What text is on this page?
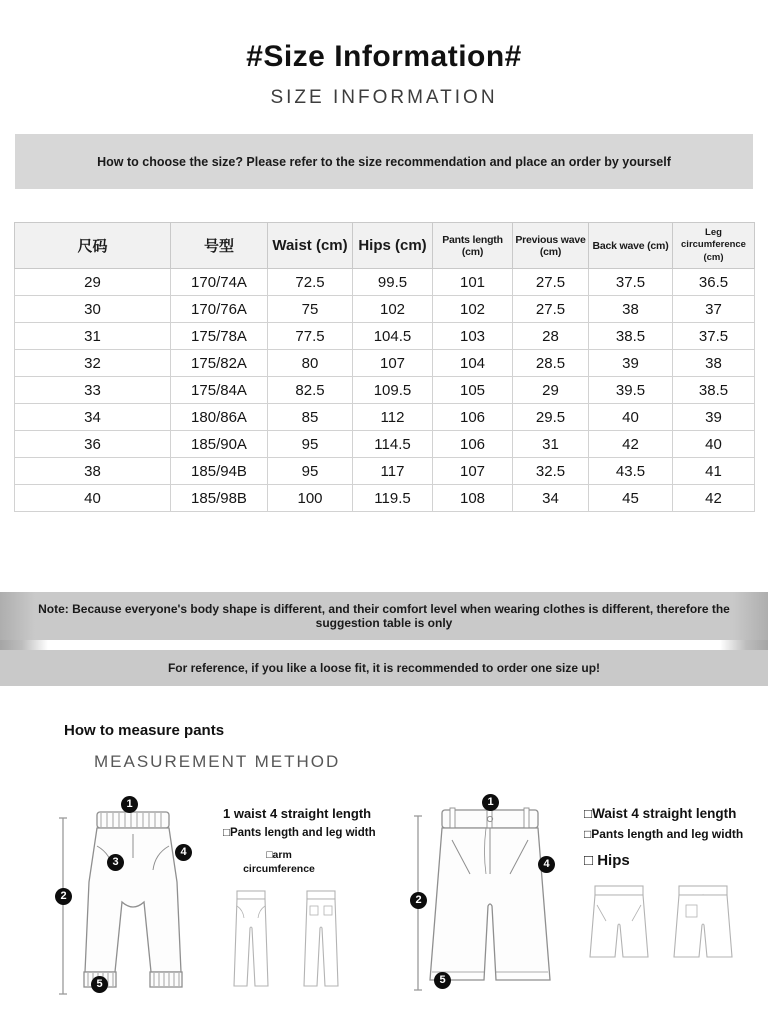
#Size Information#
SIZE INFORMATION
How to choose the size? Please refer to the size recommendation and place an order by yourself
尺码	号型	Waist (cm)	Hips (cm)	Pants length (cm)	Previous wave (cm)	Back wave (cm)	Leg circumference (cm)
29	170/74A	72.5	99.5	101	27.5	37.5	36.5
30	170/76A	75	102	102	27.5	38	37
31	175/78A	77.5	104.5	103	28	38.5	37.5
32	175/82A	80	107	104	28.5	39	38
33	175/84A	82.5	109.5	105	29	39.5	38.5
34	180/86A	85	112	106	29.5	40	39
36	185/90A	95	114.5	106	31	42	40
38	185/94B	95	117	107	32.5	43.5	41
40	185/98B	100	119.5	108	34	45	42
Note: Because everyone's body shape is different, and their comfort level when wearing clothes is different, therefore the suggestion table is only
For reference, if you like a loose fit, it is recommended to order one size up!
How to measure pants
MEASUREMENT METHOD
1
4
3
2
5
1 waist 4 straight length
□Pants length and leg width
□arm circumference
1
4
2
5
□Waist 4 straight length
□Pants length and leg width
□ Hips
